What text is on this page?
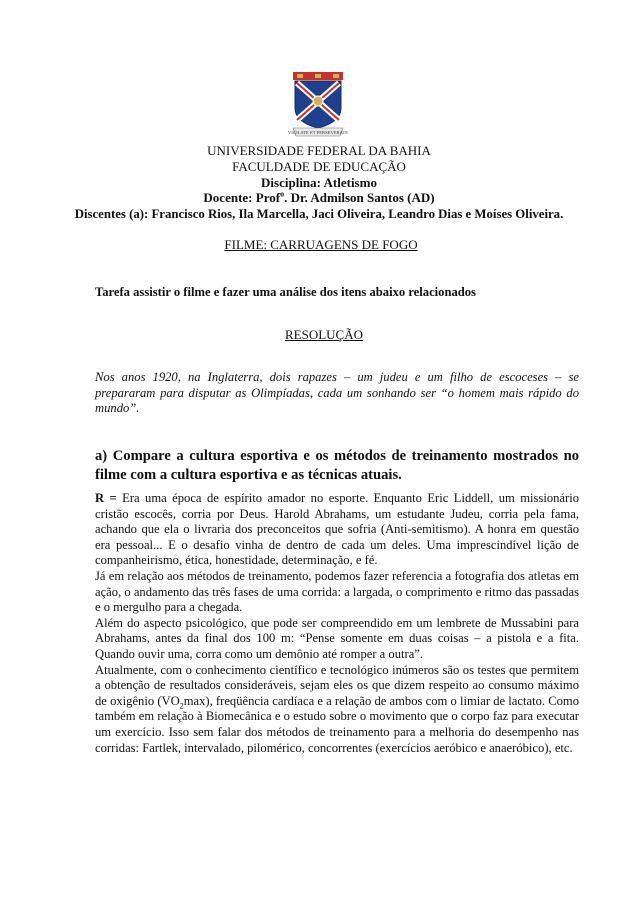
VIGILATE ET PERSEVERATE
UNIVERSIDADE FEDERAL DA BAHIA
FACULDADE DE EDUCAÇÃO
Disciplina: Atletismo
Docente: Prof$^o$. Dr. Admilson Santos (AD)
Discentes (a): Francisco Rios, Ila Marcella, Jaci Oliveira, Leandro Dias e Moíses Oliveira.
FILME: CARRUAGENS DE FOGO
Tarefa assistir o filme e fazer uma análise dos itens abaixo relacionados
RESOLUÇÃO

Nos anos 1920, na Inglaterra, dois rapazes – um judeu e um filho de escoceses – se prepararam para disputar as Olimpíadas, cada um sonhando ser “o homem mais rápido do mundo”.

a) Compare a cultura esportiva e os métodos de treinamento mostrados no filme com a cultura esportiva e as técnicas atuais.

R = Era uma época de espírito amador no esporte. Enquanto Eric Liddell, um missionário cristão escocês, corria por Deus. Harold Abrahams, um estudante Judeu, corria pela fama, achando que ela o livraria dos preconceitos que sofria (Anti-semitismo). A honra em questão era pessoal... E o desafio vinha de dentro de cada um deles. Uma imprescindível lição de companheirismo, ética, honestidade, determinação, e fé.

Já em relação aos métodos de treinamento, podemos fazer referencia a fotografia dos atletas em ação, o andamento das três fases de uma corrida: a largada, o comprimento e ritmo das passadas e o mergulho para a chegada.

Além do aspecto psicológico, que pode ser compreendido em um lembrete de Mussabini para Abrahams, antes da final dos 100 m: “Pense somente em duas coisas – a pistola e a fita. Quando ouvir uma, corra como um demônio até romper a outra”.

Atualmente, com o conhecimento científico e tecnológico inúmeros são os testes que permitem a obtenção de resultados consideráveis, sejam eles os que dizem respeito ao consumo máximo de oxigênio $(VO_2\max)$, freqüência cardíaca e a relação de ambos com o limiar de lactato. Como também em relação à Biomecânica e o estudo sobre o movimento que o corpo faz para executar um exercício. Isso sem falar dos métodos de treinamento para a melhoria do desempenho nas corridas: Fartlek, intervalado, pilomérico, concorrentes (exercícios aeróbico e anaeróbico), etc.
